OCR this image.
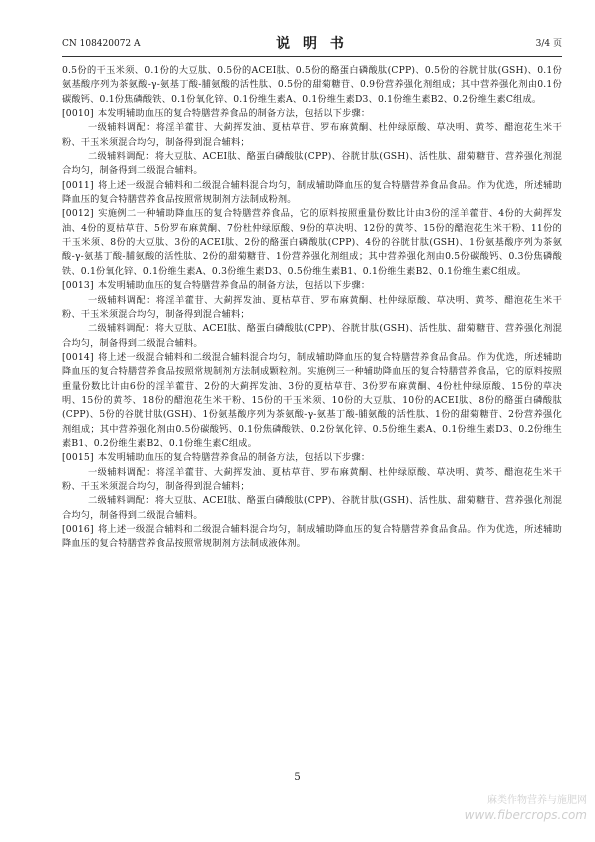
CN 108420072 A	说 明 书	3/4 页

0.5份的干玉米须、0.1份的大豆肽、0.5份的ACEI肽、0.5份的酪蛋白磷酸肽(CPP)、0.5份的谷胱甘肽(GSH)、0.1份氨基酸序列为茶氨酸-γ-氨基丁酸-脯氨酸的活性肽、0.5份的甜菊糖苷、0.9份营养强化剂组成；其中营养强化剂由0.1份碳酸钙、0.1份焦磷酸铁、0.1份氧化锌、0.1份维生素A、0.1份维生素D3、0.1份维生素B2、0.2份维生素C组成。

[0010] 本发明辅助血压的复合特膳营养食品的制备方法，包括以下步骤：

一级辅料调配：将淫羊藿苷、大蓟挥发油、夏枯草苷、罗布麻黄酮、杜仲绿原酸、草决明、黄芩、醋泡花生米干粉、干玉米须混合均匀，制备得到混合辅料；

二级辅料调配：将大豆肽、ACEI肽、酪蛋白磷酸肽(CPP)、谷胱甘肽(GSH)、活性肽、甜菊糖苷、营养强化剂混合均匀，制备得到二级混合辅料。

[0011] 将上述一级混合辅料和二级混合辅料混合均匀，制成辅助降血压的复合特膳营养食品食品。作为优选，所述辅助降血压的复合特膳营养食品按照常规制剂方法制成粉剂。

[0012] 实施例二一种辅助降血压的复合特膳营养食品，它的原料按照重量份数比计由3份的淫羊藿苷、4份的大蓟挥发油、4份的夏枯草苷、5份罗布麻黄酮、7份杜仲绿原酸、9份的草决明、12份的黄芩、15份的醋泡花生米干粉、11份的干玉米须、8份的大豆肽、3份的ACEI肽、2份的酪蛋白磷酸肽(CPP)、4份的谷胱甘肽(GSH)、1份氨基酸序列为茶氨酸-γ-氨基丁酸-脯氨酸的活性肽、2份的甜菊糖苷、1份营养强化剂组成；其中营养强化剂由0.5份碳酸钙、0.3份焦磷酸铁、0.1份氧化锌、0.1份维生素A、0.3份维生素D3、0.5份维生素B1、0.1份维生素B2、0.1份维生素C组成。

[0013] 本发明辅助血压的复合特膳营养食品的制备方法，包括以下步骤：

一级辅料调配：将淫羊藿苷、大蓟挥发油、夏枯草苷、罗布麻黄酮、杜仲绿原酸、草决明、黄芩、醋泡花生米干粉、干玉米须混合均匀，制备得到混合辅料；

二级辅料调配：将大豆肽、ACEI肽、酪蛋白磷酸肽(CPP)、谷胱甘肽(GSH)、活性肽、甜菊糖苷、营养强化剂混合均匀，制备得到二级混合辅料。

[0014] 将上述一级混合辅料和二级混合辅料混合均匀，制成辅助降血压的复合特膳营养食品食品。作为优选，所述辅助降血压的复合特膳营养食品按照常规制剂方法制成颗粒剂。实施例三一种辅助降血压的复合特膳营养食品，它的原料按照重量份数比计由6份的淫羊藿苷、2份的大蓟挥发油、3份的夏枯草苷、3份罗布麻黄酮、4份杜仲绿原酸、15份的草决明、15份的黄芩、18份的醋泡花生米干粉、15份的干玉米须、10份的大豆肽、10份的ACEI肽、8份的酪蛋白磷酸肽(CPP)、5份的谷胱甘肽(GSH)、1份氨基酸序列为茶氨酸-γ-氨基丁酸-脯氨酸的活性肽、1份的甜菊糖苷、2份营养强化剂组成；其中营养强化剂由0.5份碳酸钙、0.1份焦磷酸铁、0.2份氧化锌、0.5份维生素A、0.1份维生素D3、0.2份维生素B1、0.2份维生素B2、0.1份维生素C组成。

[0015] 本发明辅助血压的复合特膳营养食品的制备方法，包括以下步骤：

一级辅料调配：将淫羊藿苷、大蓟挥发油、夏枯草苷、罗布麻黄酮、杜仲绿原酸、草决明、黄芩、醋泡花生米干粉、干玉米须混合均匀，制备得到混合辅料；

二级辅料调配：将大豆肽、ACEI肽、酪蛋白磷酸肽(CPP)、谷胱甘肽(GSH)、活性肽、甜菊糖苷、营养强化剂混合均匀，制备得到二级混合辅料。

[0016] 将上述一级混合辅料和二级混合辅料混合均匀，制成辅助降血压的复合特膳营养食品食品。作为优选，所述辅助降血压的复合特膳营养食品按照常规制剂方法制成液体剂。

5
麻类作物营养与施肥网
www.fibercrops.com
